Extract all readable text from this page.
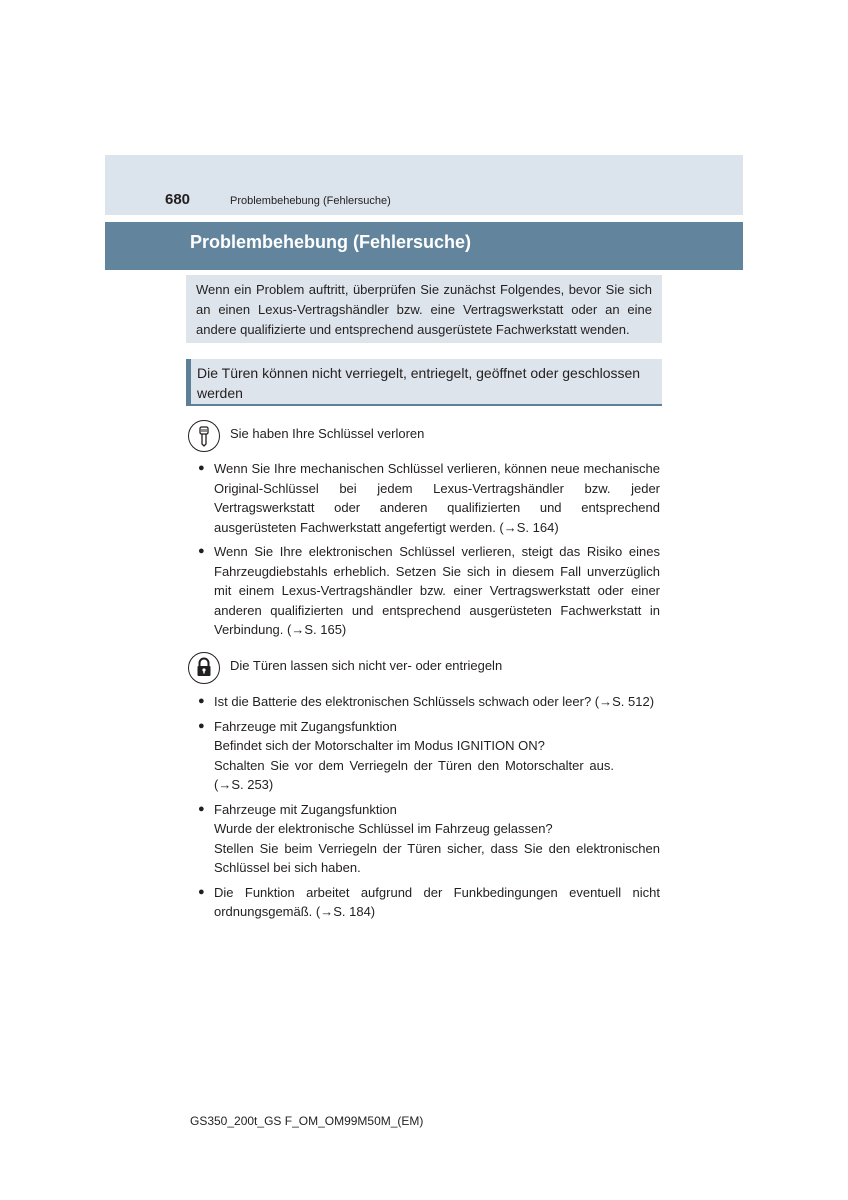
680	Problembehebung (Fehlersuche)
Problembehebung (Fehlersuche)
Wenn ein Problem auftritt, überprüfen Sie zunächst Folgendes, bevor Sie sich an einen Lexus-Vertragshändler bzw. eine Vertragswerkstatt oder an eine andere qualifizierte und entsprechend ausgerüstete Fachwerkstatt wenden.
Die Türen können nicht verriegelt, entriegelt, geöffnet oder geschlossen werden
Sie haben Ihre Schlüssel verloren
● Wenn Sie Ihre mechanischen Schlüssel verlieren, können neue mechanische Original-Schlüssel bei jedem Lexus-Vertragshändler bzw. jeder Vertragswerkstatt oder anderen qualifizierten und entsprechend ausgerüsteten Fachwerkstatt angefertigt werden. (→S. 164)
● Wenn Sie Ihre elektronischen Schlüssel verlieren, steigt das Risiko eines Fahrzeugdiebstahls erheblich. Setzen Sie sich in diesem Fall unverzüglich mit einem Lexus-Vertragshändler bzw. einer Vertragswerkstatt oder einer anderen qualifizierten und entsprechend ausgerüsteten Fachwerkstatt in Verbindung. (→S. 165)
Die Türen lassen sich nicht ver- oder entriegeln
● Ist die Batterie des elektronischen Schlüssels schwach oder leer? (→S. 512)
● Fahrzeuge mit Zugangsfunktion
Befindet sich der Motorschalter im Modus IGNITION ON?
Schalten Sie vor dem Verriegeln der Türen den Motorschalter aus. (→S. 253)
● Fahrzeuge mit Zugangsfunktion
Wurde der elektronische Schlüssel im Fahrzeug gelassen?
Stellen Sie beim Verriegeln der Türen sicher, dass Sie den elektronischen Schlüssel bei sich haben.
● Die Funktion arbeitet aufgrund der Funkbedingungen eventuell nicht ordnungsgemäß. (→S. 184)
GS350_200t_GS F_OM_OM99M50M_(EM)
